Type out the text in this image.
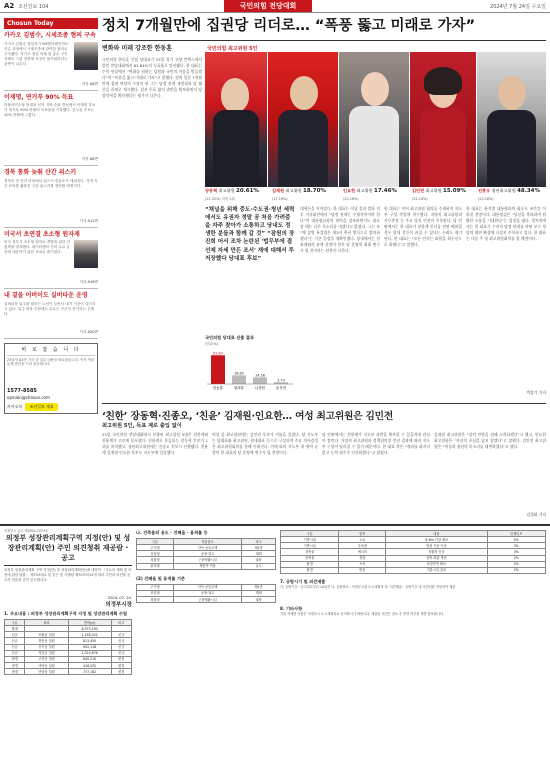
A2 조선일보 104	국민의힘 전당대회	2024년 7월 24일 수요일
Chosun Today
카카오 김범수, 시세조종 혐의 구속
카카오 김범수 창업자가 SM엔터테인먼트 인수 과정에서 시세조종에 관여한 혐의로 구속됐다. 카카오 창업 이래 첫 총수 구속 사태로 그룹 경영에 차질이 불가피하다는 관측이 나온다.
기사 A8면
이재명, 연거푸 90% 득표
더불어민주당 당대표 선거 지역 순회 경선에서 이재명 후보가 연거푸 90% 안팎의 득표율을 기록했다. 김두관 후보는 10% 안팎에 그쳤다.
기사 A6면
경북 통화 늦춰 산간 위스키
경북의 한 산간 마을에서 위스키 증류소가 세워진다. 지역 특산 보리를 활용한 국산 위스키를 생산할 예정이다.
기사 A12면
미국서 초연결 초소형 원자재
미국 정부가 초소형 원자로 개발을 위한 지원책을 발표했다. 데이터센터 전력 수요 급증에 대응하기 위한 조치로 풀이된다.
기사 A16면
내 곁을 어버이도 실버타운 운영
실버타운 입주를 원하는 노인이 늘면서 대기 기간이 길어지고 있다. 입주 비용 부담에도 수요는 꾸준히 증가하는 추세다.
기사 A20면
바 로 잡 습 니 다
23일자 A1면 기사 중 일부 내용을 바로잡습니다. 독자 여러분께 혼란을 드려 죄송합니다.
1577-8585
opinion@chosun.com
카카오톡	조선일보 제보
정치 7개월만에 집권당 리더로… “폭풍 뚫고 미래로 가자”
변화와 미래 강조한 한동훈
국민의힘 한동훈 신임 당대표가 23일 경기 고양 킨텍스에서 열린 전당대회에서 62.84%의 득표율로 당선됐다. 한 대표는 수락 연설에서 “변화를 원하는 당원과 국민의 마음을 받들겠다”며 “폭풍을 뚫고 미래로 가자”고 말했다. 정치 입문 7개월 만에 집권 여당의 수장이 된 그는 당정 관계 재정립과 당 쇄신을 과제로 제시했다. 결선 투표 없이 과반을 확보하면서 당 장악력을 확보했다는 평가가 나온다.
국민의힘 최고위원 5인
장동혁 최고위원 20.61%
(21.32%) 지역 1위
김재원 최고위원 18.70%
(17.19%)
인요한 최고위원 17.46%
(22.16%)
김민전 최고위원 15.09%
(22.14%)
진종오 청년최고위원 48.34%
(23.18%)
“채널을 위해 중도·수도권·청년 세력 에서도 유권자 정말 공 처음 가려줌을 자주 찾아가 소통하고 당내도 정생한 분들과 함께 갈 것” “잠원의 장진희 어서 조차 논란된 '법무부에 결선제 자세 만든 조서' 재에 대해서 투 저장했다 당대표 후보”
국민의힘 당대표 선출 결과
(단위:%)
62.84
한동훈
18.85
원희룡
14.58
나경원
3.73
윤상현
대세론을 이어갔다. 한 대표는 이날 결과 발표 직후 기자회견에서 “당정 관계는 수평적이어야 한다”며 대통령실과의 협력을 강조하면서도 필요할 때는 다른 목소리를 내겠다고 밝혔다. 그는 또 “채 상병 특검법은 제3자 추천 방식으로 발의하겠다”는 기존 입장을 재확인했다. 당내에서는 친윤계와의 관계 설정이 향후 당 운영의 최대 변수가 될 것이라는 관측이 나온다.
한 대표는 이어 최고위원 회의를 주재하며 지도부 구성 작업에 착수했다. 지명직 최고위원과 사무총장 등 주요 당직 인선이 주목된다. 당 안팎에서는 한 대표가 친한계 인사를 전면 배치할 경우 당내 갈등이 커질 수 있다는 우려도 제기된다. 한 대표는 “모든 인사는 화합을 최우선으로 하겠다”고 말했다.
한 대표는 윤석열 대통령과의 회동도 조만간 이뤄질 전망이다. 대통령실은 “당선을 축하하며 원활한 소통을 기대한다”는 입장을 냈다. 정치권에서는 한 대표가 수직적 당정 관계를 바꿔 보수 정당의 외연 확장에 나설지 주목하고 있다. 한 대표는 다음 주 첫 최고위원회의를 열 예정이다.
박상기 기자
‘친한’ 장동혁·진종오, ‘친윤’ 김재원·인요한… 여성 최고위원은 김민전
최고위원 5인, 득표 제로 출입 없이
23일 국민의힘 전당대회에서 선출된 최고위원 5명은 친한계와 친윤계가 고르게 분포했다. 친한계로 분류되는 장동혁 후보가 1위를 차지했고, 청년최고위원에는 진종오 후보가 선출됐다. 친윤계 김재원·인요한 후보도 지도부에 입성했다.
여성 몫 최고위원에는 김민전 후보가 이름을 올렸다. 당 지도부는 당대표와 최고위원, 원내대표 등으로 구성되며 주요 의사결정은 최고위원회의를 통해 이뤄진다. 이에 따라 지도부 내 세력 균형이 한 대표의 당 운영에 변수가 될 전망이다.
당 안팎에서는 친한계가 지도부 과반을 확보할 수 있을지에 관심이 쏠린다. 지명직 최고위원과 정책위의장 인선 결과에 따라 지도부 구성이 달라질 수 있기 때문이다. 한 대표 측은 “계파를 따지지 않고 능력 위주로 인선하겠다”고 밝혔다.
김재원 최고위원은 “당의 단합을 위해 노력하겠다”고 했고, 인요한 최고위원은 “혁신의 초심을 잃지 않겠다”고 말했다. 김민전 최고위원은 “여성과 청년의 목소리를 대변하겠다”고 했다.
김경화 기자
의정부시 공고 제2024-1073호
의정부 성장관리계획구역 지정(안) 및 성장관리계획(안) 주민 의견청취 재공람 · 공고
의정부 성장관리계획 구역 지정(안) 및 성장관리계획(안)에 대하여 「국토의 계획 및 이용에 관한 법률」 제75조의2 및 같은 법 시행령 제70조의12에 따라 주민의 의견을 듣고자 다음과 같이 공고합니다.
2024. 07. 24.
의정부시장
1. 주요내용 : 의정부 성장관리계획구역 지정 및 성장관리계획 수립
구분	위치	면적(㎡)	비고
합계		8,375,190	
신규	호원동 일원	1,156,322	신규
신규	장암동 일원	813,450	신규
신규	신곡동 일원	992,118	신규
신규	자일동 일원	1,024,876	신규
변경	고산동 일원	645,210	변경
변경	낙양동 일원	418,032	변경
변경	민락동 일원	737,182	변경
나. 건축물의 용도 · 건폐율 · 용적률 등
구분	허용용도	비고
주거형	단독·공동주택	제1종
산업형	공장·창고	계획
복합형	근린생활시설	권장
관리형	제한적 허용	유도
(2) 건폐율 및 용적률 기준
주거형	단독·공동주택	제1종
산업형	공장·창고	계획
복합형	근린생활시설	권장
구분	항목	내용	인센티브
기반시설	도로	폭 6m 이상 확보	5%
기반시설	주차장	법정 기준 이상	3%
건축물	에너지	친환경 인증	3%
건축물	경관	건축 외관 개선	2%
환경	녹지	조경면적 확보	2%
환경	빗물	저류시설 설치	2%
7. 공람시기 및 의견제출
가. 공람기간 : 공고일로부터 14일간 나. 공람장소 : 의정부시청 도시계획과 다. 의견제출 : 공람기간 내 의견서를 작성하여 제출
8. 기타사항
기타 자세한 사항은 의정부시 도시계획과로 문의하시기 바랍니다. 제출된 의견은 검토 후 반영 여부를 개별 통보합니다.
